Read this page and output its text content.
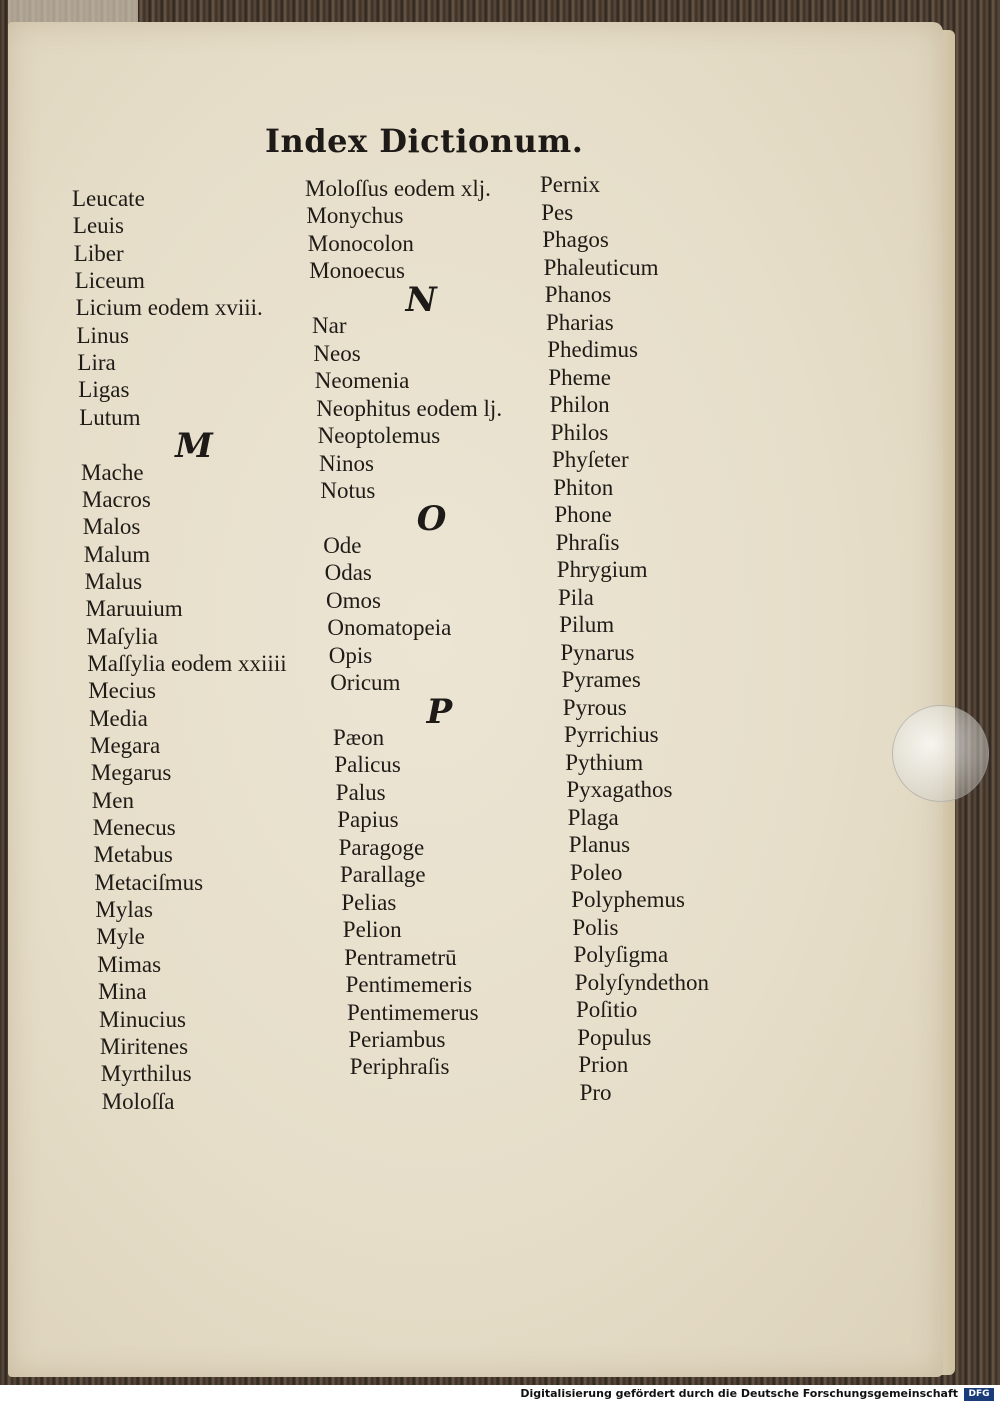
Index Dictionum.
Leucate
Leuis
Liber
Liceum
Licium eodem xviii.
Linus
Lira
Ligas
Lutum
M
Mache
Macros
Malos
Malum
Malus
Maruuium
Maſylia
Maſſylia eodem xxiiii
Mecius
Media
Megara
Megarus
Men
Menecus
Metabus
Metaciſmus
Mylas
Myle
Mimas
Mina
Minucius
Miritenes
Myrthilus
Moloſſa
Moloſſus eodem xlj.
Monychus
Monocolon
Monoecus
N
Nar
Neos
Neomenia
Neophitus eodem lj.
Neoptolemus
Ninos
Notus
O
Ode
Odas
Omos
Onomatopeia
Opis
Oricum
P
Pæon
Palicus
Palus
Papius
Paragoge
Parallage
Pelias
Pelion
Pentrametrū
Pentimemeris
Pentimemerus
Periambus
Periphraſis
Pernix
Pes
Phagos
Phaleuticum
Phanos
Pharias
Phedimus
Pheme
Philon
Philos
Phyſeter
Phiton
Phone
Phraſis
Phrygium
Pila
Pilum
Pynarus
Pyrames
Pyrous
Pyrrichius
Pythium
Pyxagathos
Plaga
Planus
Poleo
Polyphemus
Polis
Polyſigma
Polyſyndethon
Poſitio
Populus
Prion
Pro
Digitalisierung gefördert durch die Deutsche Forschungsgemeinschaft	DFG
